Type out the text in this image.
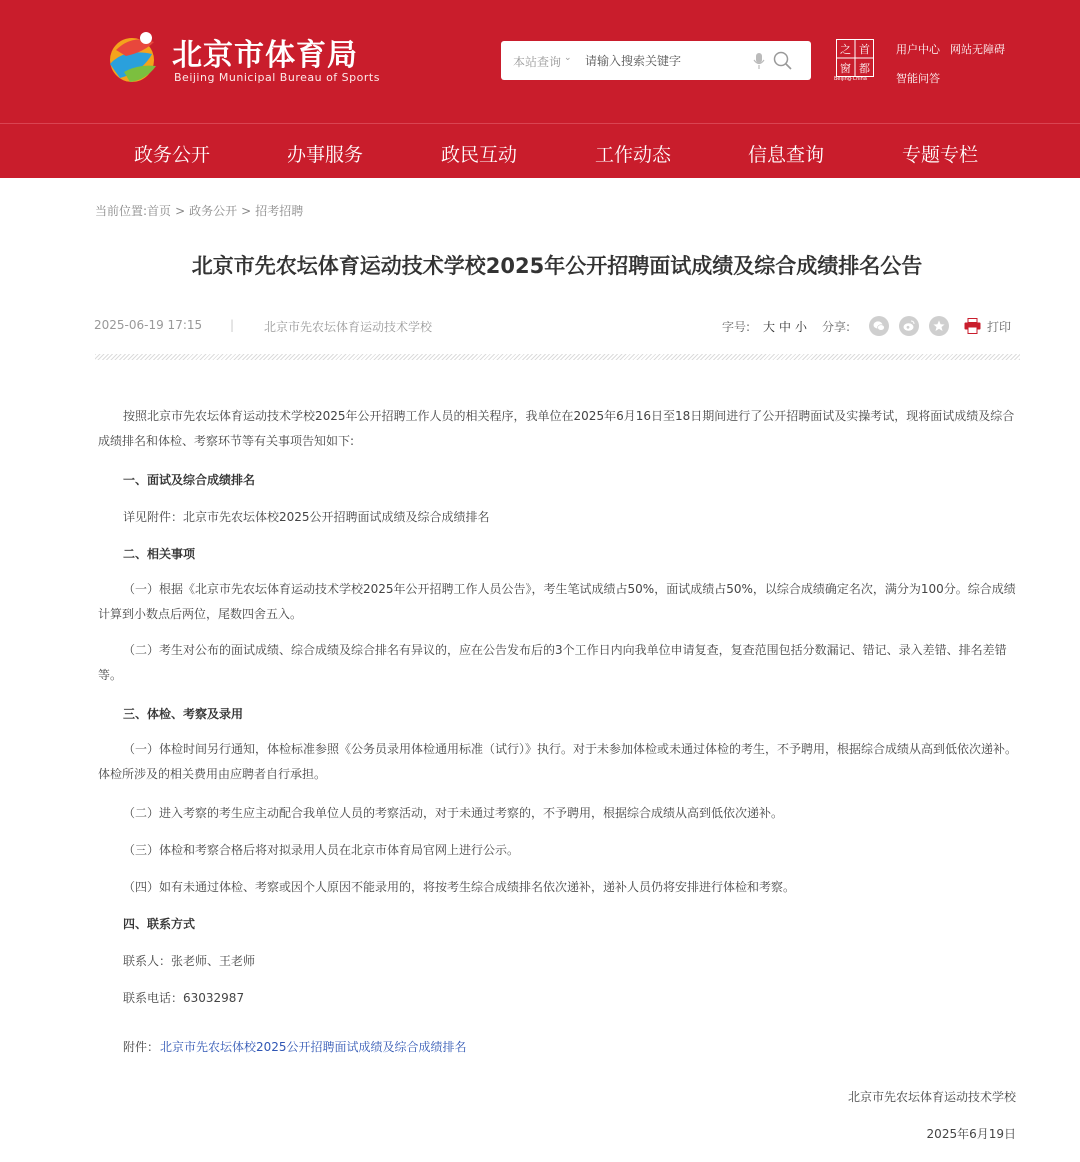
北京市体育局
Beijing Municipal Bureau of Sports
本站查询 ⌄
请输入搜索关键字
之 首
窗 都
Beijing·China
用户中心 网站无障碍
智能问答
政务公开	办事服务	政民互动	工作动态	信息查询	专题专栏
当前位置:首页 > 政务公开 > 招考招聘
北京市先农坛体育运动技术学校2025年公开招聘面试成绩及综合成绩排名公告
2025-06-19 17:15 | 北京市先农坛体育运动技术学校	字号: 大 中 小 分享:	打印

按照北京市先农坛体育运动技术学校2025年公开招聘工作人员的相关程序，我单位在2025年6月16日至18日期间进行了公开招聘面试及实操考试，现将面试成绩及综合成绩排名和体检、考察环节等有关事项告知如下:

一、面试及综合成绩排名
详见附件：北京市先农坛体校2025公开招聘面试成绩及综合成绩排名
二、相关事项

（一）根据《北京市先农坛体育运动技术学校2025年公开招聘工作人员公告》，考生笔试成绩占50%，面试成绩占50%，以综合成绩确定名次，满分为100分。综合成绩计算到小数点后两位，尾数四舍五入。

（二）考生对公布的面试成绩、综合成绩及综合排名有异议的，应在公告发布后的3个工作日内向我单位申请复查，复查范围包括分数漏记、错记、录入差错、排名差错等。

三、体检、考察及录用

（一）体检时间另行通知，体检标准参照《公务员录用体检通用标准（试行）》执行。对于未参加体检或未通过体检的考生，不予聘用，根据综合成绩从高到低依次递补。体检所涉及的相关费用由应聘者自行承担。

（二）进入考察的考生应主动配合我单位人员的考察活动，对于未通过考察的，不予聘用，根据综合成绩从高到低依次递补。
（三）体检和考察合格后将对拟录用人员在北京市体育局官网上进行公示。
（四）如有未通过体检、考察或因个人原因不能录用的，将按考生综合成绩排名依次递补，递补人员仍将安排进行体检和考察。
四、联系方式
联系人：张老师、王老师
联系电话：63032987
附件： 北京市先农坛体校2025公开招聘面试成绩及综合成绩排名
北京市先农坛体育运动技术学校
2025年6月19日
